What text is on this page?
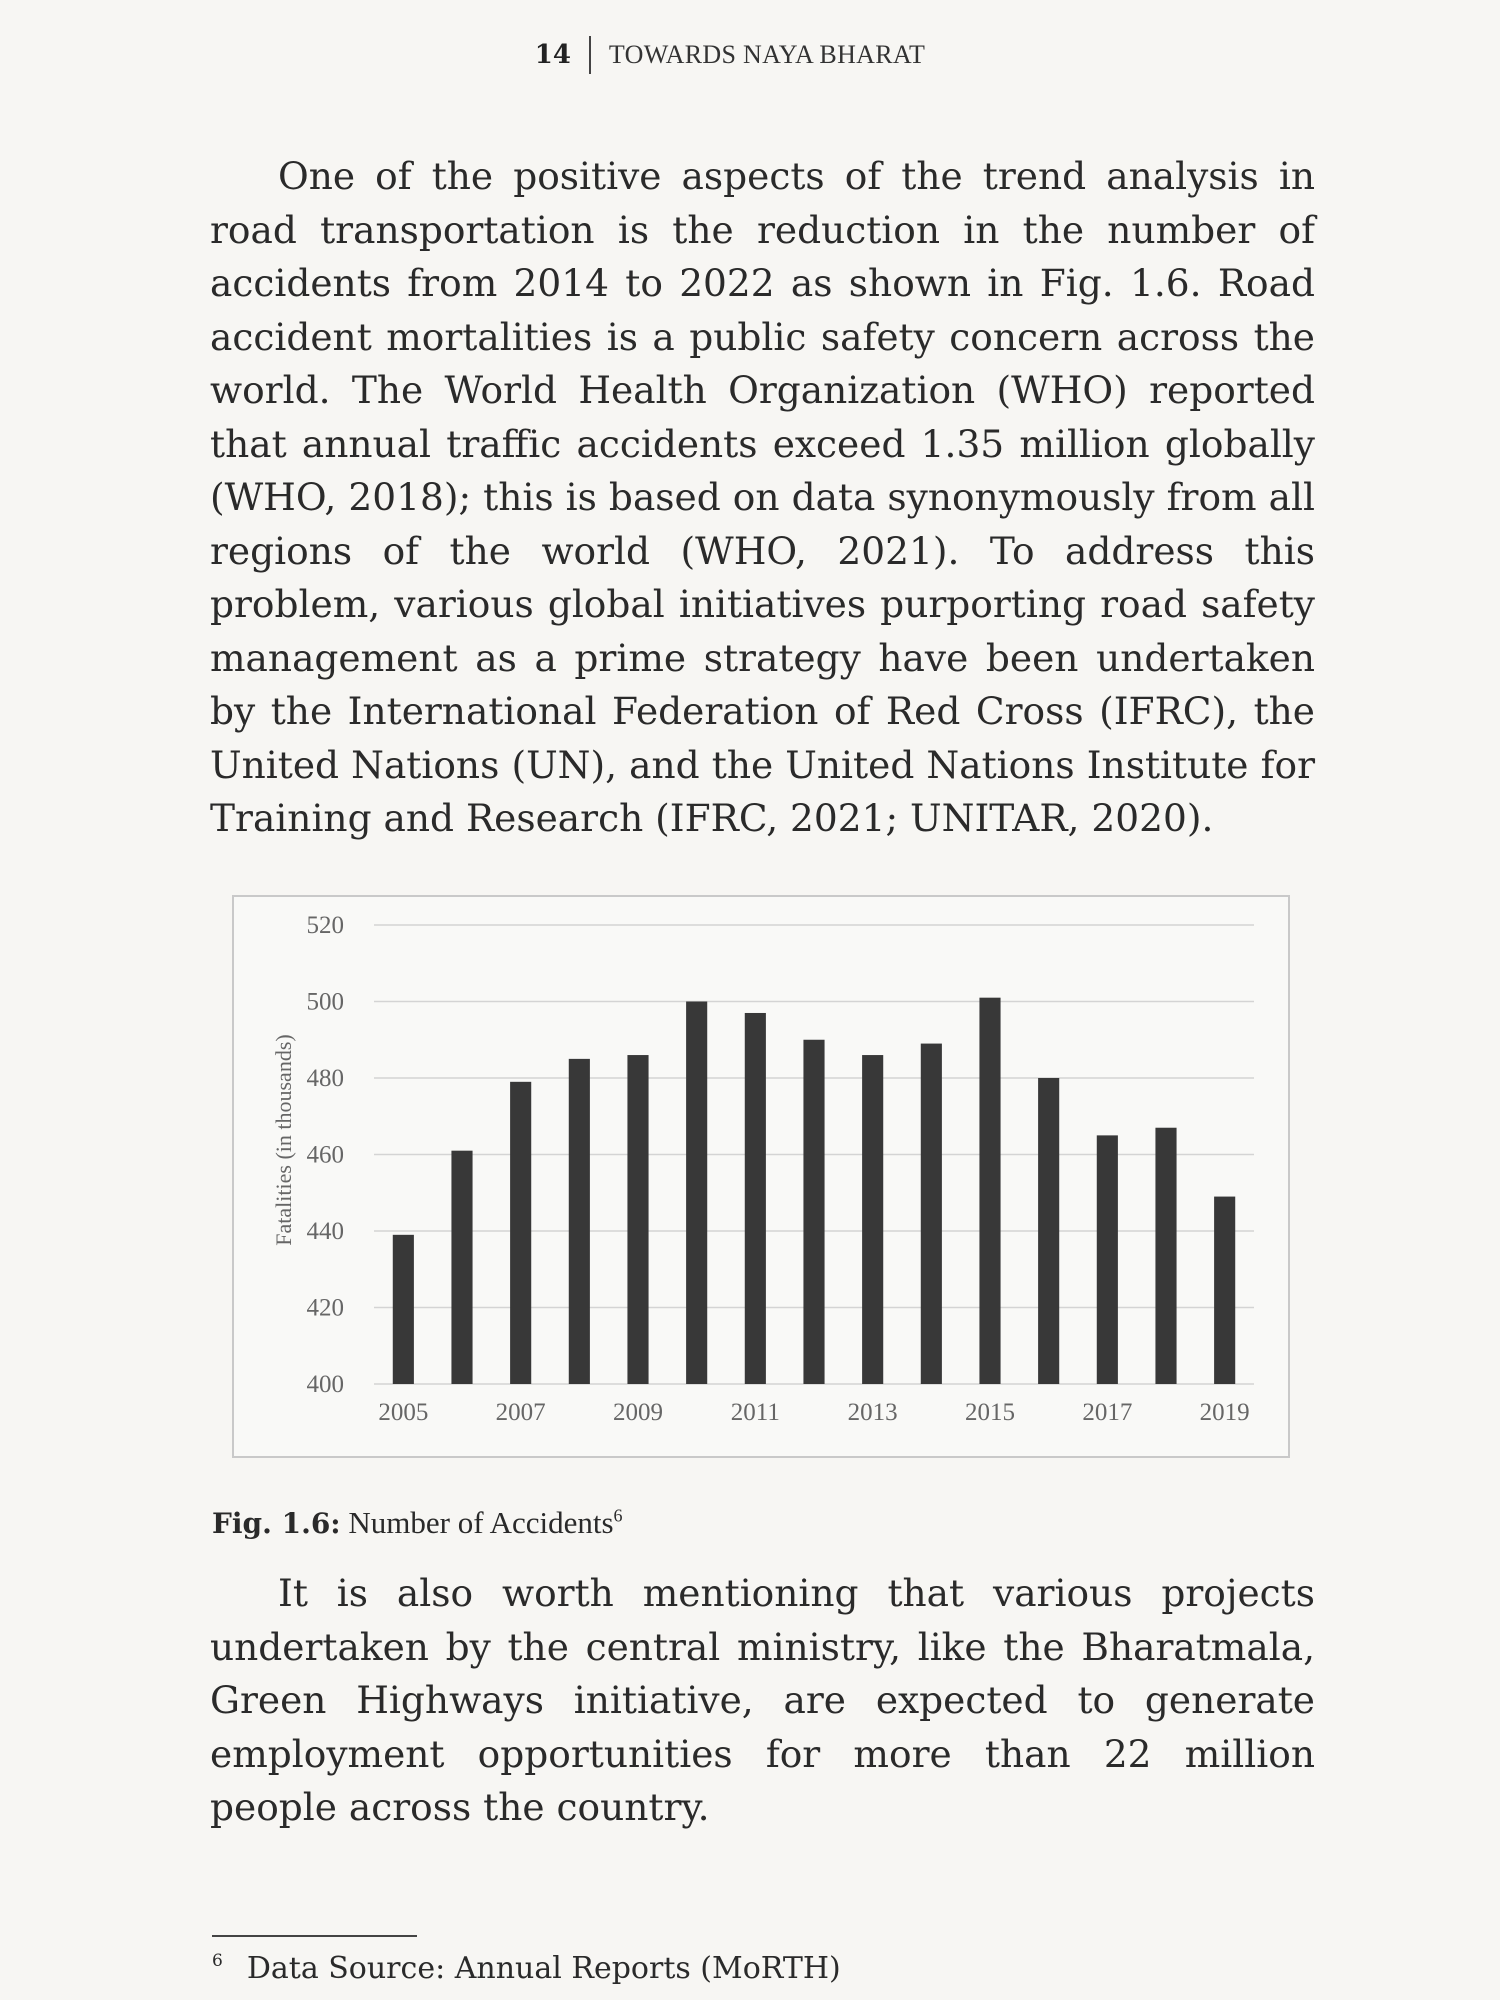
14	TOWARDS NAYA BHARAT

One of the positive aspects of the trend analysis in road transportation is the reduction in the number of accidents from 2014 to 2022 as shown in Fig. 1.6. Road accident mortalities is a public safety concern across the world. The World Health Organization (WHO) reported that annual traffic accidents exceed 1.35 million globally (WHO, 2018); this is based on data synonymously from all regions of the world (WHO, 2021). To address this problem, various global initiatives purporting road safety management as a prime strategy have been undertaken by the International Federation of Red Cross (IFRC), the United Nations (UN), and the United Nations Institute for Training and Research (IFRC, 2021; UNITAR, 2020).

400
420
440
460
480
500
520
2005	2007	2009	2011	2013	2015	2017	2019
Fatalities (in thousands)
Fig. 1.6: Number of Accidents$^6$

It is also worth mentioning that various projects undertaken by the central ministry, like the Bharatmala, Green Highways initiative, are expected to generate employment opportunities for more than 22 million people across the country.

$^6$ Data Source: Annual Reports (MoRTH)
